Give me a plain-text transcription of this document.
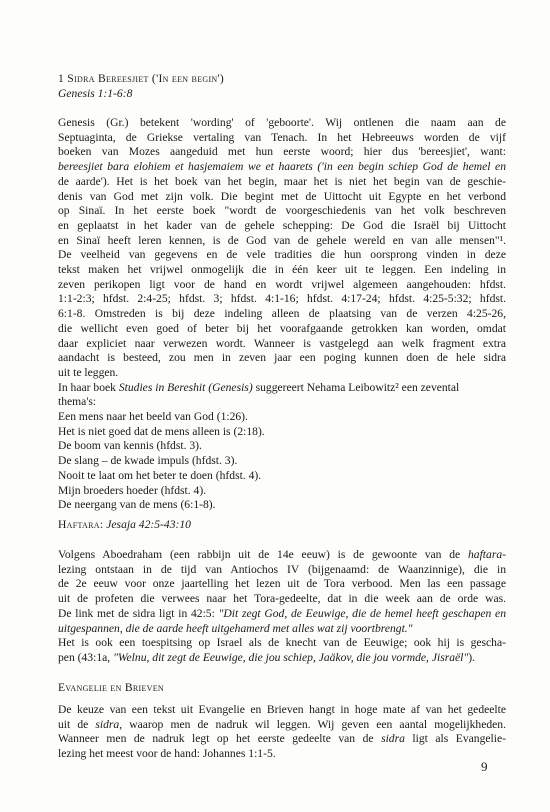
1 Sidra Bereesjiet ('In een begin')
Genesis 1:1-6:8
Genesis (Gr.) betekent 'wording' of 'geboorte'. Wij ontlenen die naam aan de
Septuaginta, de Griekse vertaling van Tenach. In het Hebreeuws worden de vijf
boeken van Mozes aangeduid met hun eerste woord; hier dus 'bereesjiet', want:
bereesjiet bara elohiem et hasjemaiem we et haarets ('in een begin schiep God de hemel en
de aarde'). Het is het boek van het begin, maar het is niet het begin van de geschie-
denis van God met zijn volk. Die begint met de Uittocht uit Egypte en het verbond
op Sinaï. In het eerste boek "wordt de voorgeschiedenis van het volk beschreven
en geplaatst in het kader van de gehele schepping: De God die Israël bij Uittocht
en Sinaï heeft leren kennen, is de God van de gehele wereld en van alle mensen"¹.
De veelheid van gegevens en de vele tradities die hun oorsprong vinden in deze
tekst maken het vrijwel onmogelijk die in één keer uit te leggen. Een indeling in
zeven perikopen ligt voor de hand en wordt vrijwel algemeen aangehouden: hfdst.
1:1-2:3; hfdst. 2:4-25; hfdst. 3; hfdst. 4:1-16; hfdst. 4:17-24; hfdst. 4:25-5:32; hfdst.
6:1-8. Omstreden is bij deze indeling alleen de plaatsing van de verzen 4:25-26,
die wellicht even goed of beter bij het voorafgaande getrokken kan worden, omdat
daar expliciet naar verwezen wordt. Wanneer is vastgelegd aan welk fragment extra
aandacht is besteed, zou men in zeven jaar een poging kunnen doen de hele sidra
uit te leggen.
In haar boek Studies in Bereshit (Genesis) suggereert Nehama Leibowitz² een zevental
thema's:
Een mens naar het beeld van God (1:26).
Het is niet goed dat de mens alleen is (2:18).
De boom van kennis (hfdst. 3).
De slang – de kwade impuls (hfdst. 3).
Nooit te laat om het beter te doen (hfdst. 4).
Mijn broeders hoeder (hfdst. 4).
De neergang van de mens (6:1-8).
Haftara: Jesaja 42:5-43:10
Volgens Aboedraham (een rabbijn uit de 14e eeuw) is de gewoonte van de haftara-
lezing ontstaan in de tijd van Antiochos IV (bijgenaamd: de Waanzinnige), die in
de 2e eeuw voor onze jaartelling het lezen uit de Tora verbood. Men las een passage
uit de profeten die verwees naar het Tora-gedeelte, dat in die week aan de orde was.
De link met de sidra ligt in 42:5: "Dit zegt God, de Eeuwige, die de hemel heeft geschapen en
uitgespannen, die de aarde heeft uitgehamerd met alles wat zij voortbrengt."
Het is ook een toespitsing op Israel als de knecht van de Eeuwige; ook hij is gescha-
pen (43:1a, "Welnu, dit zegt de Eeuwige, die jou schiep, Jaäkov, die jou vormde, Jisraël").
Evangelie en Brieven
De keuze van een tekst uit Evangelie en Brieven hangt in hoge mate af van het gedeelte
uit de sidra, waarop men de nadruk wil leggen. Wij geven een aantal mogelijkheden.
Wanneer men de nadruk legt op het eerste gedeelte van de sidra ligt als Evangelie-
lezing het meest voor de hand: Johannes 1:1-5.
9
